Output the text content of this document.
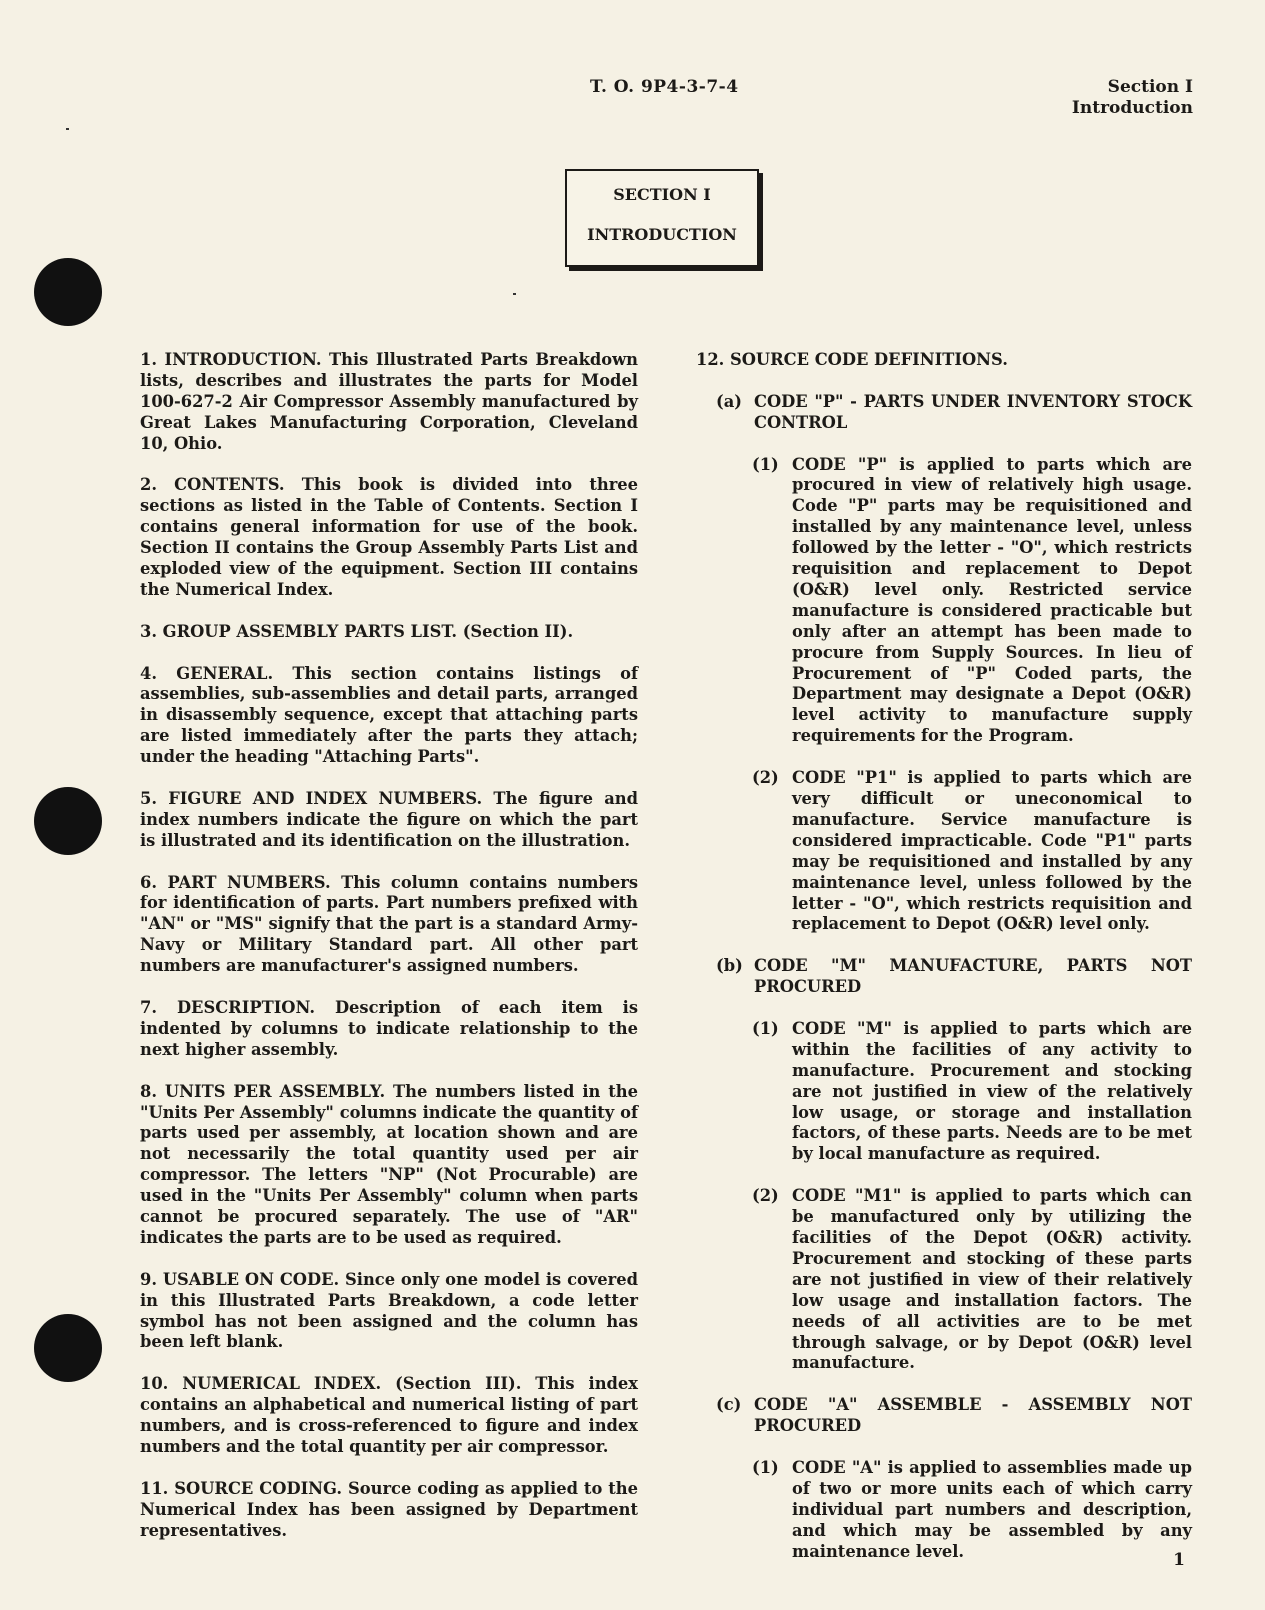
T. O. 9P4-3-7-4	Section I
Introduction
SECTION I
INTRODUCTION

1. INTRODUCTION. This Illustrated Parts Breakdown lists, describes and illustrates the parts for Model 100-627-2 Air Compressor Assembly manufactured by Great Lakes Manufacturing Corporation, Cleveland 10, Ohio.

2. CONTENTS. This book is divided into three sections as listed in the Table of Contents. Section I contains general information for use of the book. Section II contains the Group Assembly Parts List and exploded view of the equipment. Section III contains the Numerical Index.

3. GROUP ASSEMBLY PARTS LIST. (Section II).

4. GENERAL. This section contains listings of assemblies, sub-assemblies and detail parts, arranged in disassembly sequence, except that attaching parts are listed immediately after the parts they attach; under the heading "Attaching Parts".

5. FIGURE AND INDEX NUMBERS. The figure and index numbers indicate the figure on which the part is illustrated and its identification on the illustration.

6. PART NUMBERS. This column contains numbers for identification of parts. Part numbers prefixed with "AN" or "MS" signify that the part is a standard Army-Navy or Military Standard part. All other part numbers are manufacturer's assigned numbers.

7. DESCRIPTION. Description of each item is indented by columns to indicate relationship to the next higher assembly.

8. UNITS PER ASSEMBLY. The numbers listed in the "Units Per Assembly" columns indicate the quantity of parts used per assembly, at location shown and are not necessarily the total quantity used per air compressor. The letters "NP" (Not Procurable) are used in the "Units Per Assembly" column when parts cannot be procured separately. The use of "AR" indicates the parts are to be used as required.

9. USABLE ON CODE. Since only one model is covered in this Illustrated Parts Breakdown, a code letter symbol has not been assigned and the column has been left blank.

10. NUMERICAL INDEX. (Section III). This index contains an alphabetical and numerical listing of part numbers, and is cross-referenced to figure and index numbers and the total quantity per air compressor.

11. SOURCE CODING. Source coding as applied to the Numerical Index has been assigned by Department representatives.

12. SOURCE CODE DEFINITIONS.

(a) CODE "P" - PARTS UNDER INVENTORY STOCK CONTROL

(1) CODE "P" is applied to parts which are procured in view of relatively high usage. Code "P" parts may be requisitioned and installed by any maintenance level, unless followed by the letter - "O", which restricts requisition and replacement to Depot (O&R) level only. Restricted service manufacture is considered practicable but only after an attempt has been made to procure from Supply Sources. In lieu of Procurement of "P" Coded parts, the Department may designate a Depot (O&R) level activity to manufacture supply requirements for the Program.

(2) CODE "P1" is applied to parts which are very difficult or uneconomical to manufacture. Service manufacture is considered impracticable. Code "P1" parts may be requisitioned and installed by any maintenance level, unless followed by the letter - "O", which restricts requisition and replacement to Depot (O&R) level only.

(b) CODE "M" MANUFACTURE, PARTS NOT PROCURED

(1) CODE "M" is applied to parts which are within the facilities of any activity to manufacture. Procurement and stocking are not justified in view of the relatively low usage, or storage and installation factors, of these parts. Needs are to be met by local manufacture as required.

(2) CODE "M1" is applied to parts which can be manufactured only by utilizing the facilities of the Depot (O&R) activity. Procurement and stocking of these parts are not justified in view of their relatively low usage and installation factors. The needs of all activities are to be met through salvage, or by Depot (O&R) level manufacture.

(c) CODE "A" ASSEMBLE - ASSEMBLY NOT PROCURED

(1) CODE "A" is applied to assemblies made up of two or more units each of which carry individual part numbers and description, and which may be assembled by any maintenance level.	1
